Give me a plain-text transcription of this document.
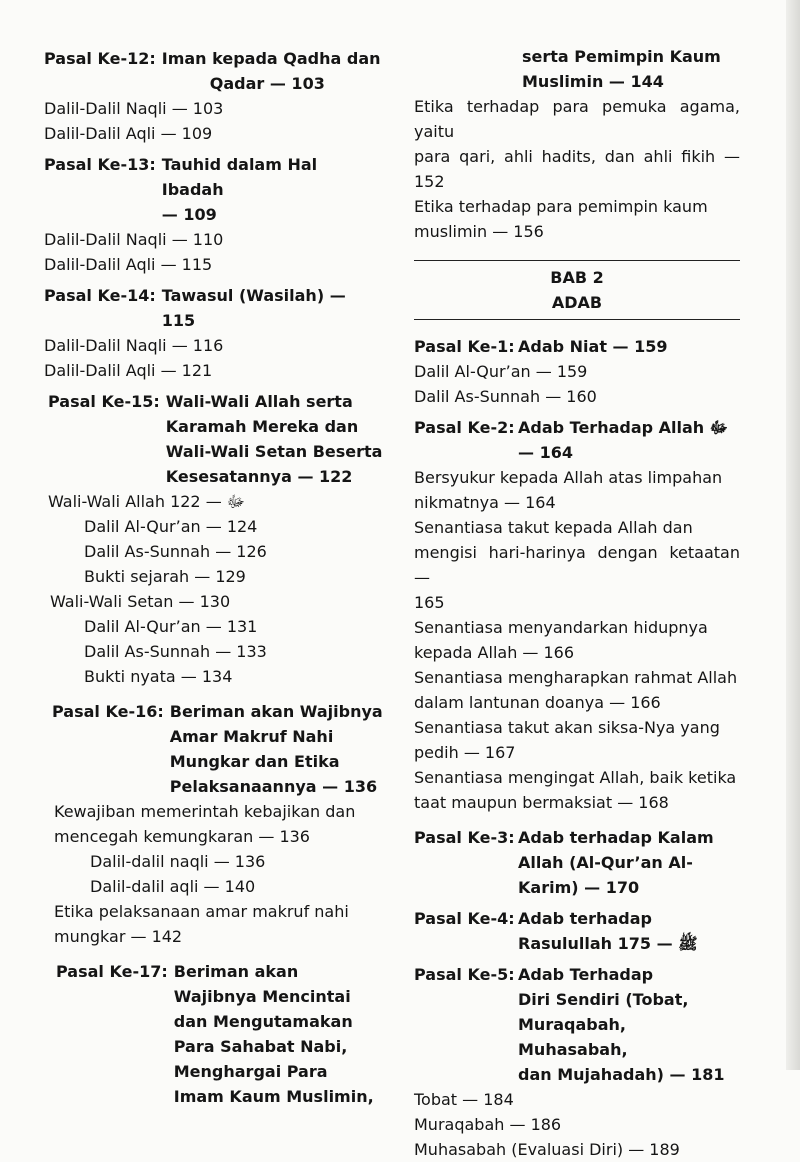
Pasal Ke-12: Iman kepada Qadha dan
Qadar — 103
Dalil-Dalil Naqli — 103
Dalil-Dalil Aqli — 109
Pasal Ke-13: Tauhid dalam Hal Ibadah
— 109
Dalil-Dalil Naqli — 110
Dalil-Dalil Aqli — 115
Pasal Ke-14: Tawasul (Wasilah) — 115
Dalil-Dalil Naqli — 116
Dalil-Dalil Aqli — 121
Pasal Ke-15: Wali-Wali Allah serta
Karamah Mereka dan
Wali-Wali Setan Beserta
Kesesatannya — 122
Wali-Wali Allah ﷻ — 122
Dalil Al-Qur’an — 124
Dalil As-Sunnah — 126
Bukti sejarah — 129
Wali-Wali Setan — 130
Dalil Al-Qur’an — 131
Dalil As-Sunnah — 133
Bukti nyata — 134
Pasal Ke-16: Beriman akan Wajibnya
Amar Makruf Nahi
Mungkar dan Etika
Pelaksanaannya — 136
Kewajiban memerintah kebajikan dan
mencegah kemungkaran — 136
Dalil-dalil naqli — 136
Dalil-dalil aqli — 140
Etika pelaksanaan amar makruf nahi
mungkar — 142
Pasal Ke-17: Beriman akan
Wajibnya Mencintai
dan Mengutamakan
Para Sahabat Nabi,
Menghargai Para
Imam Kaum Muslimin,
serta Pemimpin Kaum
Muslimin — 144
Etika terhadap para pemuka agama, yaitu
para qari, ahli hadits, dan ahli fikih — 152
Etika terhadap para pemimpin kaum
muslimin — 156
BAB 2
ADAB
Pasal Ke-1: Adab Niat — 159
Dalil Al-Qur’an — 159
Dalil As-Sunnah — 160
Pasal Ke-2: Adab Terhadap Allah ﷻ
— 164
Bersyukur kepada Allah atas limpahan
nikmatnya — 164
Senantiasa takut kepada Allah dan
mengisi hari-harinya dengan ketaatan —
165
Senantiasa menyandarkan hidupnya
kepada Allah — 166
Senantiasa mengharapkan rahmat Allah
dalam lantunan doanya — 166
Senantiasa takut akan siksa-Nya yang
pedih — 167
Senantiasa mengingat Allah, baik ketika
taat maupun bermaksiat — 168
Pasal Ke-3: Adab terhadap Kalam
Allah (Al-Qur’an Al-
Karim) — 170
Pasal Ke-4: Adab terhadap
Rasulullah ﷺ — 175
Pasal Ke-5: Adab Terhadap
Diri Sendiri (Tobat,
Muraqabah, Muhasabah,
dan Mujahadah) — 181
Tobat — 184
Muraqabah — 186
Muhasabah (Evaluasi Diri) — 189
